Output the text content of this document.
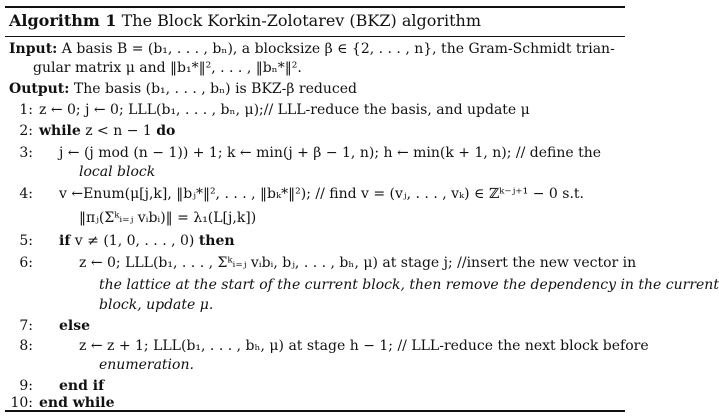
Algorithm 1 The Block Korkin-Zolotarev (BKZ) algorithm
Input: A basis B = (b₁, . . . , bₙ), a blocksize β ∈ {2, . . . , n}, the Gram-Schmidt trian-
gular matrix μ and ‖b₁*‖², . . . , ‖bₙ*‖².
Output: The basis (b₁, . . . , bₙ) is BKZ-β reduced
1: z ← 0; j ← 0; LLL(b₁, . . . , bₙ, μ);// LLL-reduce the basis, and update μ
2: while z < n − 1 do
3: j ← (j mod (n − 1)) + 1; k ← min(j + β − 1, n); h ← min(k + 1, n); // define the
local block
4: v ←Enum(μ[j,k], ‖bⱼ*‖², . . . , ‖bₖ*‖²); // find v = (vⱼ, . . . , vₖ) ∈ ℤᵏ⁻ʲ⁺¹ − 0 s.t.
‖πⱼ(Σᵏᵢ₌ⱼ vᵢbᵢ)‖ = λ₁(L[j,k])
5: if v ≠ (1, 0, . . . , 0) then
6:	z ← 0; LLL(b₁, . . . , Σᵏᵢ₌ⱼ vᵢbᵢ, bⱼ, . . . , bₕ, μ) at stage j; //insert the new vector in
the lattice at the start of the current block, then remove the dependency in the current
block, update μ.
7: else
8:	z ← z + 1; LLL(b₁, . . . , bₕ, μ) at stage h − 1; // LLL-reduce the next block before
enumeration.
9: end if
10: end while
